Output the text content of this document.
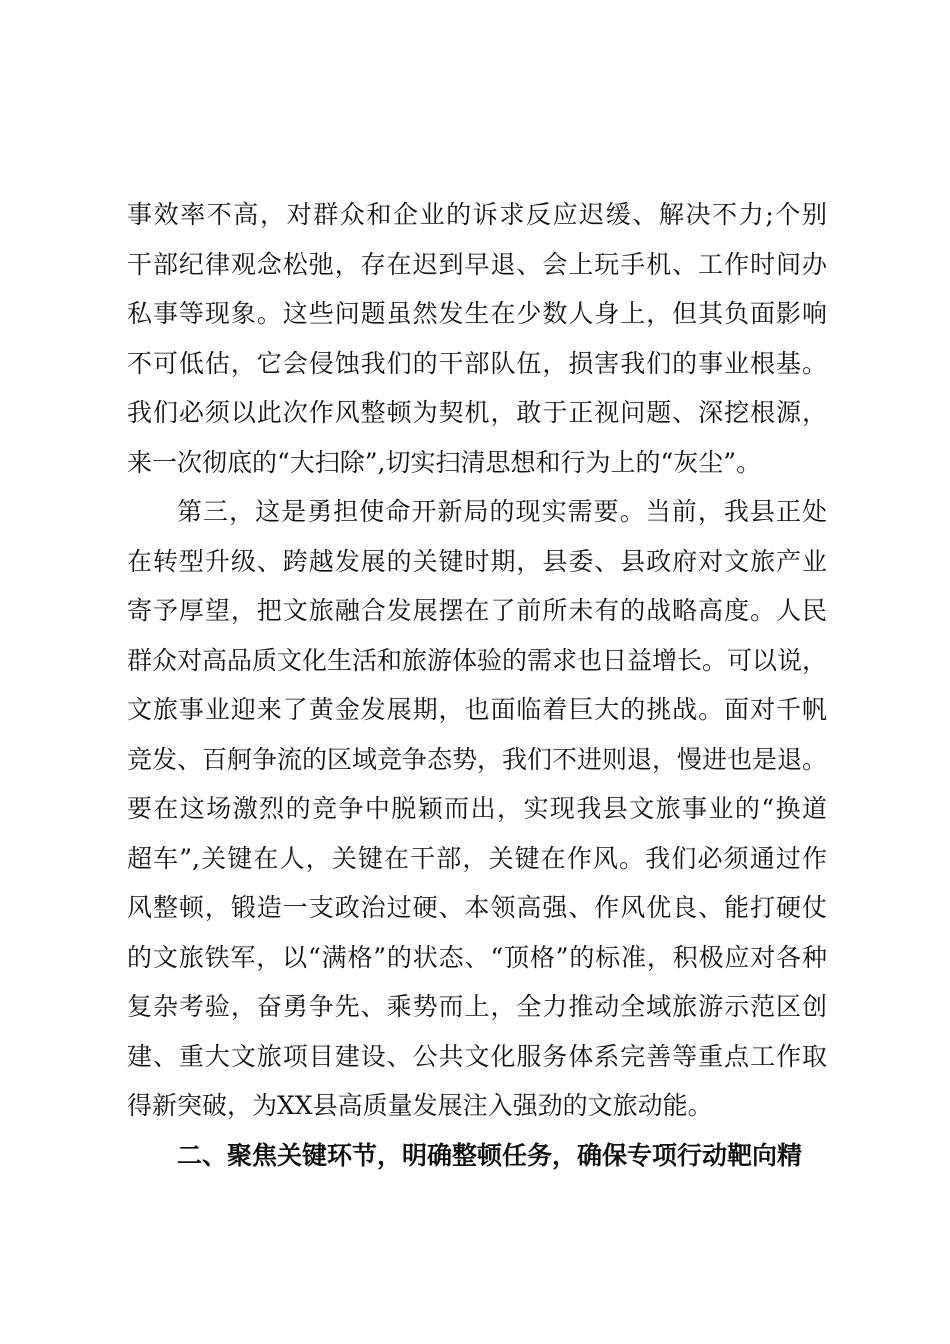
事效率不高，对群众和企业的诉求反应迟缓、解决不力;个别
干部纪律观念松弛，存在迟到早退、会上玩手机、工作时间办
私事等现象。这些问题虽然发生在少数人身上，但其负面影响
不可低估，它会侵蚀我们的干部队伍，损害我们的事业根基。
我们必须以此次作风整顿为契机，敢于正视问题、深挖根源，
来一次彻底的“大扫除”,切实扫清思想和行为上的“灰尘”。
第三，这是勇担使命开新局的现实需要。当前，我县正处
在转型升级、跨越发展的关键时期，县委、县政府对文旅产业
寄予厚望，把文旅融合发展摆在了前所未有的战略高度。人民
群众对高品质文化生活和旅游体验的需求也日益增长。可以说，
文旅事业迎来了黄金发展期，也面临着巨大的挑战。面对千帆
竞发、百舸争流的区域竞争态势，我们不进则退，慢进也是退。
要在这场激烈的竞争中脱颖而出，实现我县文旅事业的“换道
超车”,关键在人，关键在干部，关键在作风。我们必须通过作
风整顿，锻造一支政治过硬、本领高强、作风优良、能打硬仗
的文旅铁军，以“满格”的状态、“顶格”的标准，积极应对各种
复杂考验，奋勇争先、乘势而上，全力推动全域旅游示范区创
建、重大文旅项目建设、公共文化服务体系完善等重点工作取
得新突破，为XX县高质量发展注入强劲的文旅动能。
二、聚焦关键环节，明确整顿任务，确保专项行动靶向精
